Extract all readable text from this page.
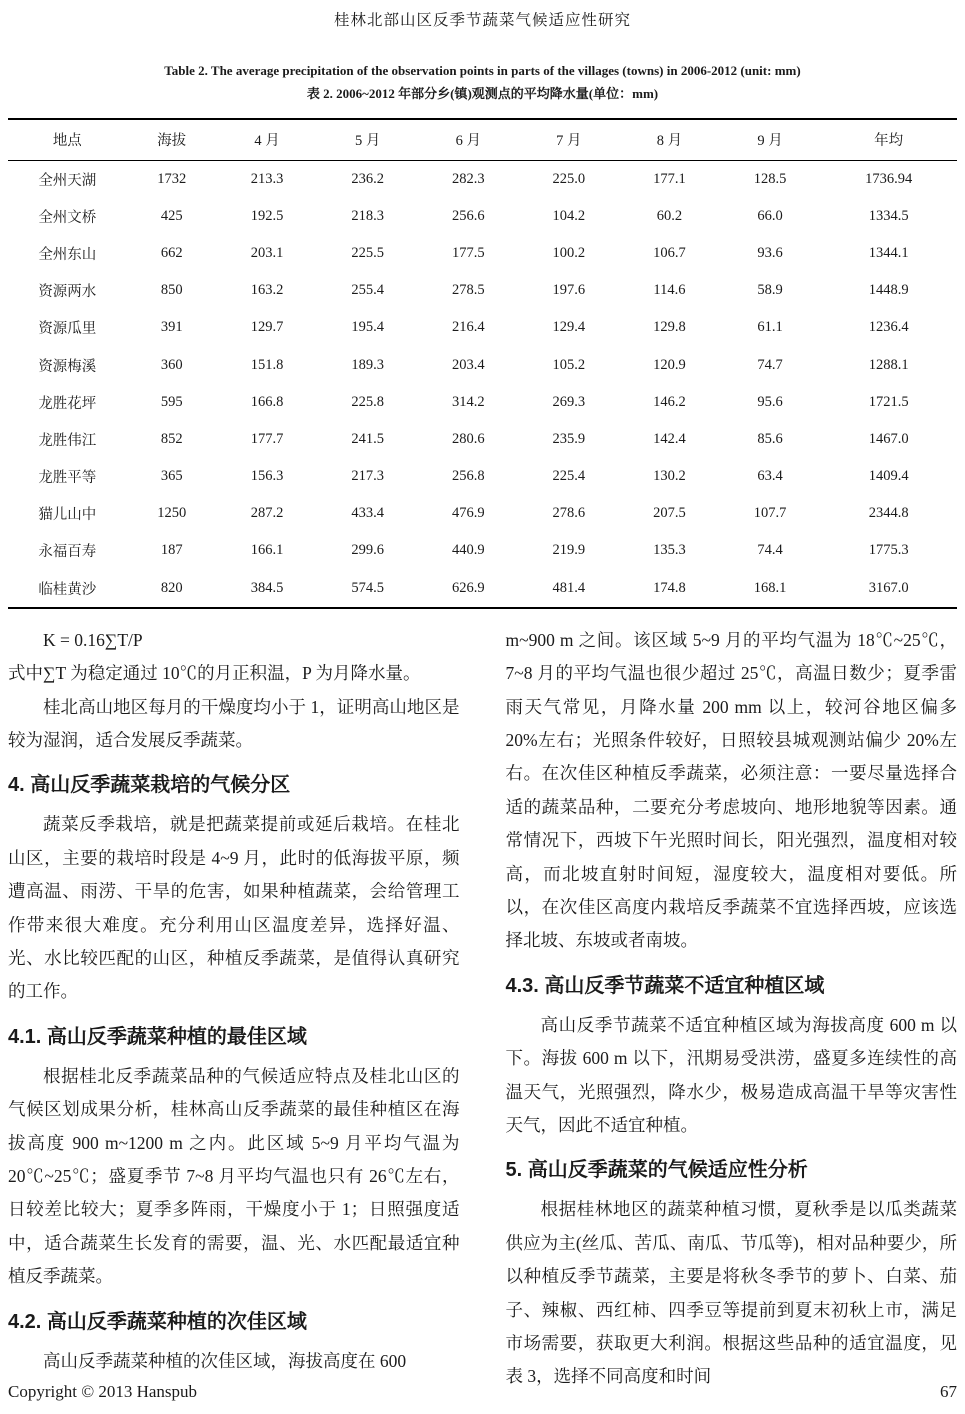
桂林北部山区反季节蔬菜气候适应性研究
Table 2. The average precipitation of the observation points in parts of the villages (towns) in 2006-2012 (unit: mm)
表 2. 2006~2012 年部分乡(镇)观测点的平均降水量(单位：mm)
地点	海拔	4 月	5 月	6 月	7 月	8 月	9 月	年均
全州天湖	1732	213.3	236.2	282.3	225.0	177.1	128.5	1736.94
全州文桥	425	192.5	218.3	256.6	104.2	60.2	66.0	1334.5
全州东山	662	203.1	225.5	177.5	100.2	106.7	93.6	1344.1
资源两水	850	163.2	255.4	278.5	197.6	114.6	58.9	1448.9
资源瓜里	391	129.7	195.4	216.4	129.4	129.8	61.1	1236.4
资源梅溪	360	151.8	189.3	203.4	105.2	120.9	74.7	1288.1
龙胜花坪	595	166.8	225.8	314.2	269.3	146.2	95.6	1721.5
龙胜伟江	852	177.7	241.5	280.6	235.9	142.4	85.6	1467.0
龙胜平等	365	156.3	217.3	256.8	225.4	130.2	63.4	1409.4
猫儿山中	1250	287.2	433.4	476.9	278.6	207.5	107.7	2344.8
永福百寿	187	166.1	299.6	440.9	219.9	135.3	74.4	1775.3
临桂黄沙	820	384.5	574.5	626.9	481.4	174.8	168.1	3167.0

K = 0.16∑T/P

式中∑T 为稳定通过 10℃的月正积温，P 为月降水量。

桂北高山地区每月的干燥度均小于 1，证明高山地区是较为湿润，适合发展反季蔬菜。

4. 高山反季蔬菜栽培的气候分区

蔬菜反季栽培，就是把蔬菜提前或延后栽培。在桂北山区，主要的栽培时段是 4~9 月，此时的低海拔平原，频遭高温、雨涝、干旱的危害，如果种植蔬菜，会给管理工作带来很大难度。充分利用山区温度差异，选择好温、光、水比较匹配的山区，种植反季蔬菜，是值得认真研究的工作。

4.1. 高山反季蔬菜种植的最佳区域

根据桂北反季蔬菜品种的气候适应特点及桂北山区的气候区划成果分析，桂林高山反季蔬菜的最佳种植区在海拔高度 900 m~1200 m 之内。此区域 5~9 月平均气温为 20℃~25℃；盛夏季节 7~8 月平均气温也只有 26℃左右，日较差比较大；夏季多阵雨，干燥度小于 1；日照强度适中，适合蔬菜生长发育的需要，温、光、水匹配最适宜种植反季蔬菜。

4.2. 高山反季蔬菜种植的次佳区域

高山反季蔬菜种植的次佳区域，海拔高度在 600

m~900 m 之间。该区域 5~9 月的平均气温为 18℃~25℃，7~8 月的平均气温也很少超过 25℃，高温日数少；夏季雷雨天气常见，月降水量 200 mm 以上，较河谷地区偏多 20%左右；光照条件较好，日照较县城观测站偏少 20%左右。在次佳区种植反季蔬菜，必须注意：一要尽量选择合适的蔬菜品种，二要充分考虑坡向、地形地貌等因素。通常情况下，西坡下午光照时间长，阳光强烈，温度相对较高，而北坡直射时间短，湿度较大，温度相对要低。所以，在次佳区高度内栽培反季蔬菜不宜选择西坡，应该选择北坡、东坡或者南坡。

4.3. 高山反季节蔬菜不适宜种植区域

高山反季节蔬菜不适宜种植区域为海拔高度 600 m 以下。海拔 600 m 以下，汛期易受洪涝，盛夏多连续性的高温天气，光照强烈，降水少，极易造成高温干旱等灾害性天气，因此不适宜种植。

5. 高山反季蔬菜的气候适应性分析

根据桂林地区的蔬菜种植习惯，夏秋季是以瓜类蔬菜供应为主(丝瓜、苦瓜、南瓜、节瓜等)，相对品种要少，所以种植反季节蔬菜，主要是将秋冬季节的萝卜、白菜、茄子、辣椒、西红柿、四季豆等提前到夏末初秋上市，满足市场需要，获取更大利润。根据这些品种的适宜温度，见表 3，选择不同高度和时间

Copyright © 2013 Hanspub	67
